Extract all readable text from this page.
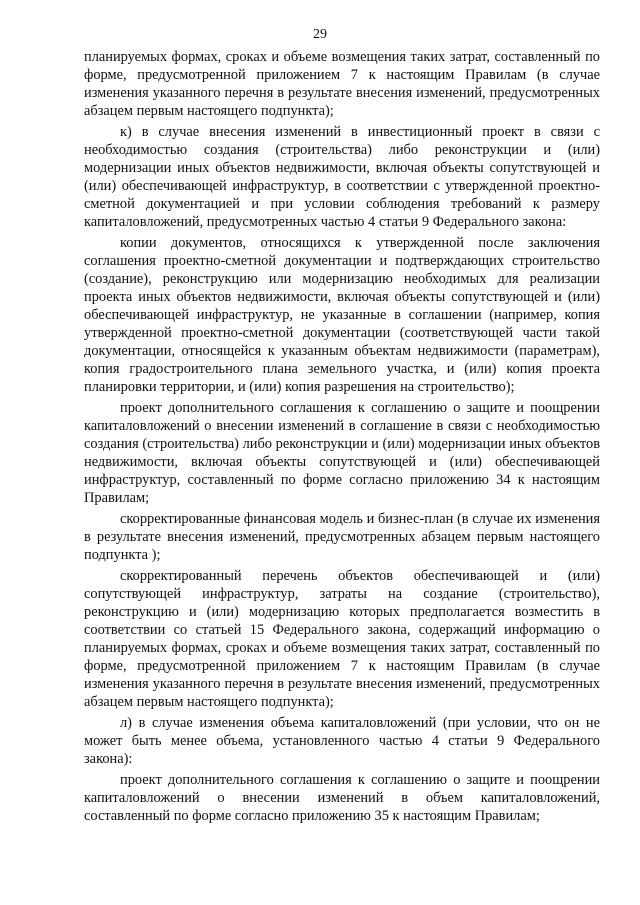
29

планируемых формах, сроках и объеме возмещения таких затрат, составленный по форме, предусмотренной приложением 7 к настоящим Правилам (в случае изменения указанного перечня в результате внесения изменений, предусмотренных абзацем первым настоящего подпункта);

к) в случае внесения изменений в инвестиционный проект в связи с необходимостью создания (строительства) либо реконструкции и (или) модернизации иных объектов недвижимости, включая объекты сопутствующей и (или) обеспечивающей инфраструктур, в соответствии с утвержденной проектно-сметной документацией и при условии соблюдения требований к размеру капиталовложений, предусмотренных частью 4 статьи 9 Федерального закона:

копии документов, относящихся к утвержденной после заключения соглашения проектно-сметной документации и подтверждающих строительство (создание), реконструкцию или модернизацию необходимых для реализации проекта иных объектов недвижимости, включая объекты сопутствующей и (или) обеспечивающей инфраструктур, не указанные в соглашении (например, копия утвержденной проектно-сметной документации (соответствующей части такой документации, относящейся к указанным объектам недвижимости (параметрам), копия градостроительного плана земельного участка, и (или) копия проекта планировки территории, и (или) копия разрешения на строительство);

проект дополнительного соглашения к соглашению о защите и поощрении капиталовложений о внесении изменений в соглашение в связи с необходимостью создания (строительства) либо реконструкции и (или) модернизации иных объектов недвижимости, включая объекты сопутствующей и (или) обеспечивающей инфраструктур, составленный по форме согласно приложению 34 к настоящим Правилам;

скорректированные финансовая модель и бизнес-план (в случае их изменения в результате внесения изменений, предусмотренных абзацем первым настоящего подпункта );

скорректированный перечень объектов обеспечивающей и (или) сопутствующей инфраструктур, затраты на создание (строительство), реконструкцию и (или) модернизацию которых предполагается возместить в соответствии со статьей 15 Федерального закона, содержащий информацию о планируемых формах, сроках и объеме возмещения таких затрат, составленный по форме, предусмотренной приложением 7 к настоящим Правилам (в случае изменения указанного перечня в результате внесения изменений, предусмотренных абзацем первым настоящего подпункта);

л) в случае изменения объема капиталовложений (при условии, что он не может быть менее объема, установленного частью 4 статьи 9 Федерального закона):

проект дополнительного соглашения к соглашению о защите и поощрении капиталовложений о внесении изменений в объем капиталовложений, составленный по форме согласно приложению 35 к настоящим Правилам;
